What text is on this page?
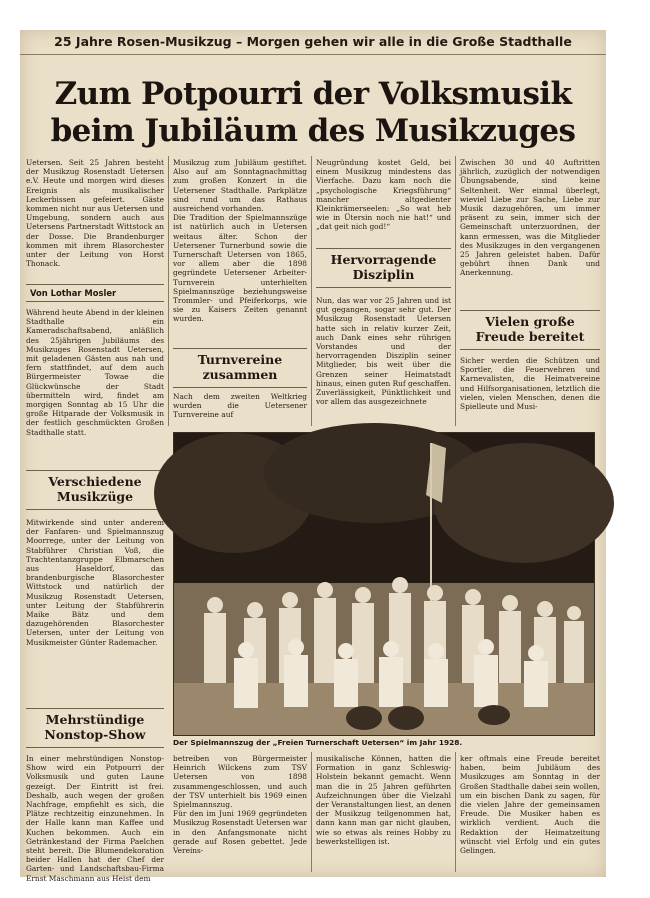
25 Jahre Rosen-Musikzug – Morgen gehen wir alle in die Große Stadthalle
Zum Potpourri der Volksmusik
beim Jubiläum des Musikzuges
Uetersen. Seit 25 Jahren besteht der Musikzug Rosenstadt Uetersen e.V. Heute und morgen wird dieses Ereignis als musikalischer Leckerbissen gefeiert. Gäste kommen nicht nur aus Uetersen und Umgebung, sondern auch aus Uetersens Partnerstadt Wittstock an der Dosse. Die Brandenburger kommen mit ihrem Blasorchester unter der Leitung von Horst Thonack.
Von Lothar Mosler
Während heute Abend in der kleinen Stadthalle ein Kameradschaftsabend, anläßlich des 25jährigen Jubiläums des Musikzuges Rosenstadt Uetersen, mit geladenen Gästen aus nah und fern stattfindet, auf dem auch Bürgermeister Towae die Glückwünsche der Stadt übermitteln wird, findet am morgigen Sonntag ab 15 Uhr die große Hitparade der Volksmusik in der festlich geschmückten Großen Stadthalle statt.
Verschiedene
Musikzüge
Mitwirkende sind unter anderem der Fanfaren- und Spielmannszug Moorrege, unter der Leitung von Stabführer Christian Voß, die Trachtentanzgruppe Elbmarschen aus Haseldorf, das brandenburgische Blasorchester Wittstock und natürlich der Musikzug Rosenstadt Uetersen, unter Leitung der Stabführerin Maike Bätz und dem dazugehörenden Blasorchester Uetersen, unter der Leitung von Musikmeister Günter Rademacher.
Mehrstündige
Nonstop-Show
In einer mehrstündigen Nonstop-Show wird ein Potpourri der Volksmusik und guten Laune gezeigt. Der Eintritt ist frei. Deshalb, auch wegen der großen Nachfrage, empfiehlt es sich, die Plätze rechtzeitig einzunehmen. In der Halle kann man Kaffee und Kuchen bekommen. Auch ein Getränkestand der Firma Paelchen steht bereit. Die Blumendekoration beider Hallen hat der Chef der Garten- und Landschaftsbau-Firma Ernst Maschmann aus Heist dem
Musikzug zum Jubiläum gestiftet. Also auf am Sonntagnachmittag zum großen Konzert in die Uetersener Stadthalle. Parkplätze sind rund um das Rathaus ausreichend vorhanden.
Die Tradition der Spielmannszüge ist natürlich auch in Uetersen weitaus älter. Schon der Uetersener Turnerbund sowie die Turnerschaft Uetersen von 1865, vor allem aber die 1898 gegründete Uetersener Arbeiter-Turnverein unterhielten Spielmannszüge beziehungsweise Trommler- und Pfeiferkorps, wie sie zu Kaisers Zeiten genannt wurden.
Turnvereine
zusammen
Nach dem zweiten Weltkrieg wurden die Uetersener Turnvereine auf
Neugründung kostet Geld, bei einem Musikzug mindestens das Vierfache. Dazu kam noch die „psychologische Kriegsführung“ mancher altgedienter Kleinkrämerseelen: „So wat heb wie in Ütersin noch nie hat!“ und „dat geit nich god!“
Hervorragende
Disziplin
Nun, das war vor 25 Jahren und ist gut gegangen, sogar sehr gut. Der Musikzug Rosenstadt Uetersen hatte sich in relativ kurzer Zeit, auch Dank eines sehr rührigen Vorstandes und der hervorragenden Disziplin seiner Mitglieder, bis weit über die Grenzen seiner Heimatstadt hinaus, einen guten Ruf geschaffen. Zuverlässigkeit, Pünktlichkeit und vor allem das ausgezeichnete
Zwischen 30 und 40 Auftritten jährlich, zuzüglich der notwendigen Übungsabende, sind keine Seltenheit. Wer einmal überlegt, wieviel Liebe zur Sache, Liebe zur Musik dazugehören, um immer präsent zu sein, immer sich der Gemeinschaft unterzuordnen, der kann ermessen, was die Mitglieder des Musikzuges in den vergangenen 25 Jahren geleistet haben. Dafür gebührt ihnen Dank und Anerkennung.
Vielen große
Freude bereitet
Sicher werden die Schützen und Sportler, die Feuerwehren und Karnevalisten, die Heimatvereine und Hilfsorganisationen, letztlich die vielen, vielen Menschen, denen die Spielleute und Musi-
Der Spielmannszug der „Freien Turnerschaft Uetersen“ im Jahr 1928.
betreiben von Bürgermeister Heinrich Wilckens zum TSV Uetersen von 1898 zusammengeschlossen, und auch der TSV unterhielt bis 1969 einen Spielmannszug.
Für den im Juni 1969 gegründeten Musikzug Rosenstadt Uetersen war in den Anfangsmonate nicht gerade auf Rosen gebettet. Jede Vereins-
musikalische Können, hatten die Formation in ganz Schleswig-Holstein bekannt gemacht. Wenn man die in 25 Jahren geführten Aufzeichnungen über die Vielzahl der Veranstaltungen liest, an denen der Musikzug teilgenommen hat, dann kann man gar nicht glauben, wie so etwas als reines Hobby zu bewerkstelligen ist.
ker oftmals eine Freude bereitet haben, beim Jubiläum des Musikzuges am Sonntag in der Großen Stadthalle dabei sein wollen, um ein bischen Dank zu sagen, für die vielen Jahre der gemeinsamen Freude. Die Musiker haben es wirklich verdient. Auch die Redaktion der Heimatzeitung wünscht viel Erfolg und ein gutes Gelingen.
